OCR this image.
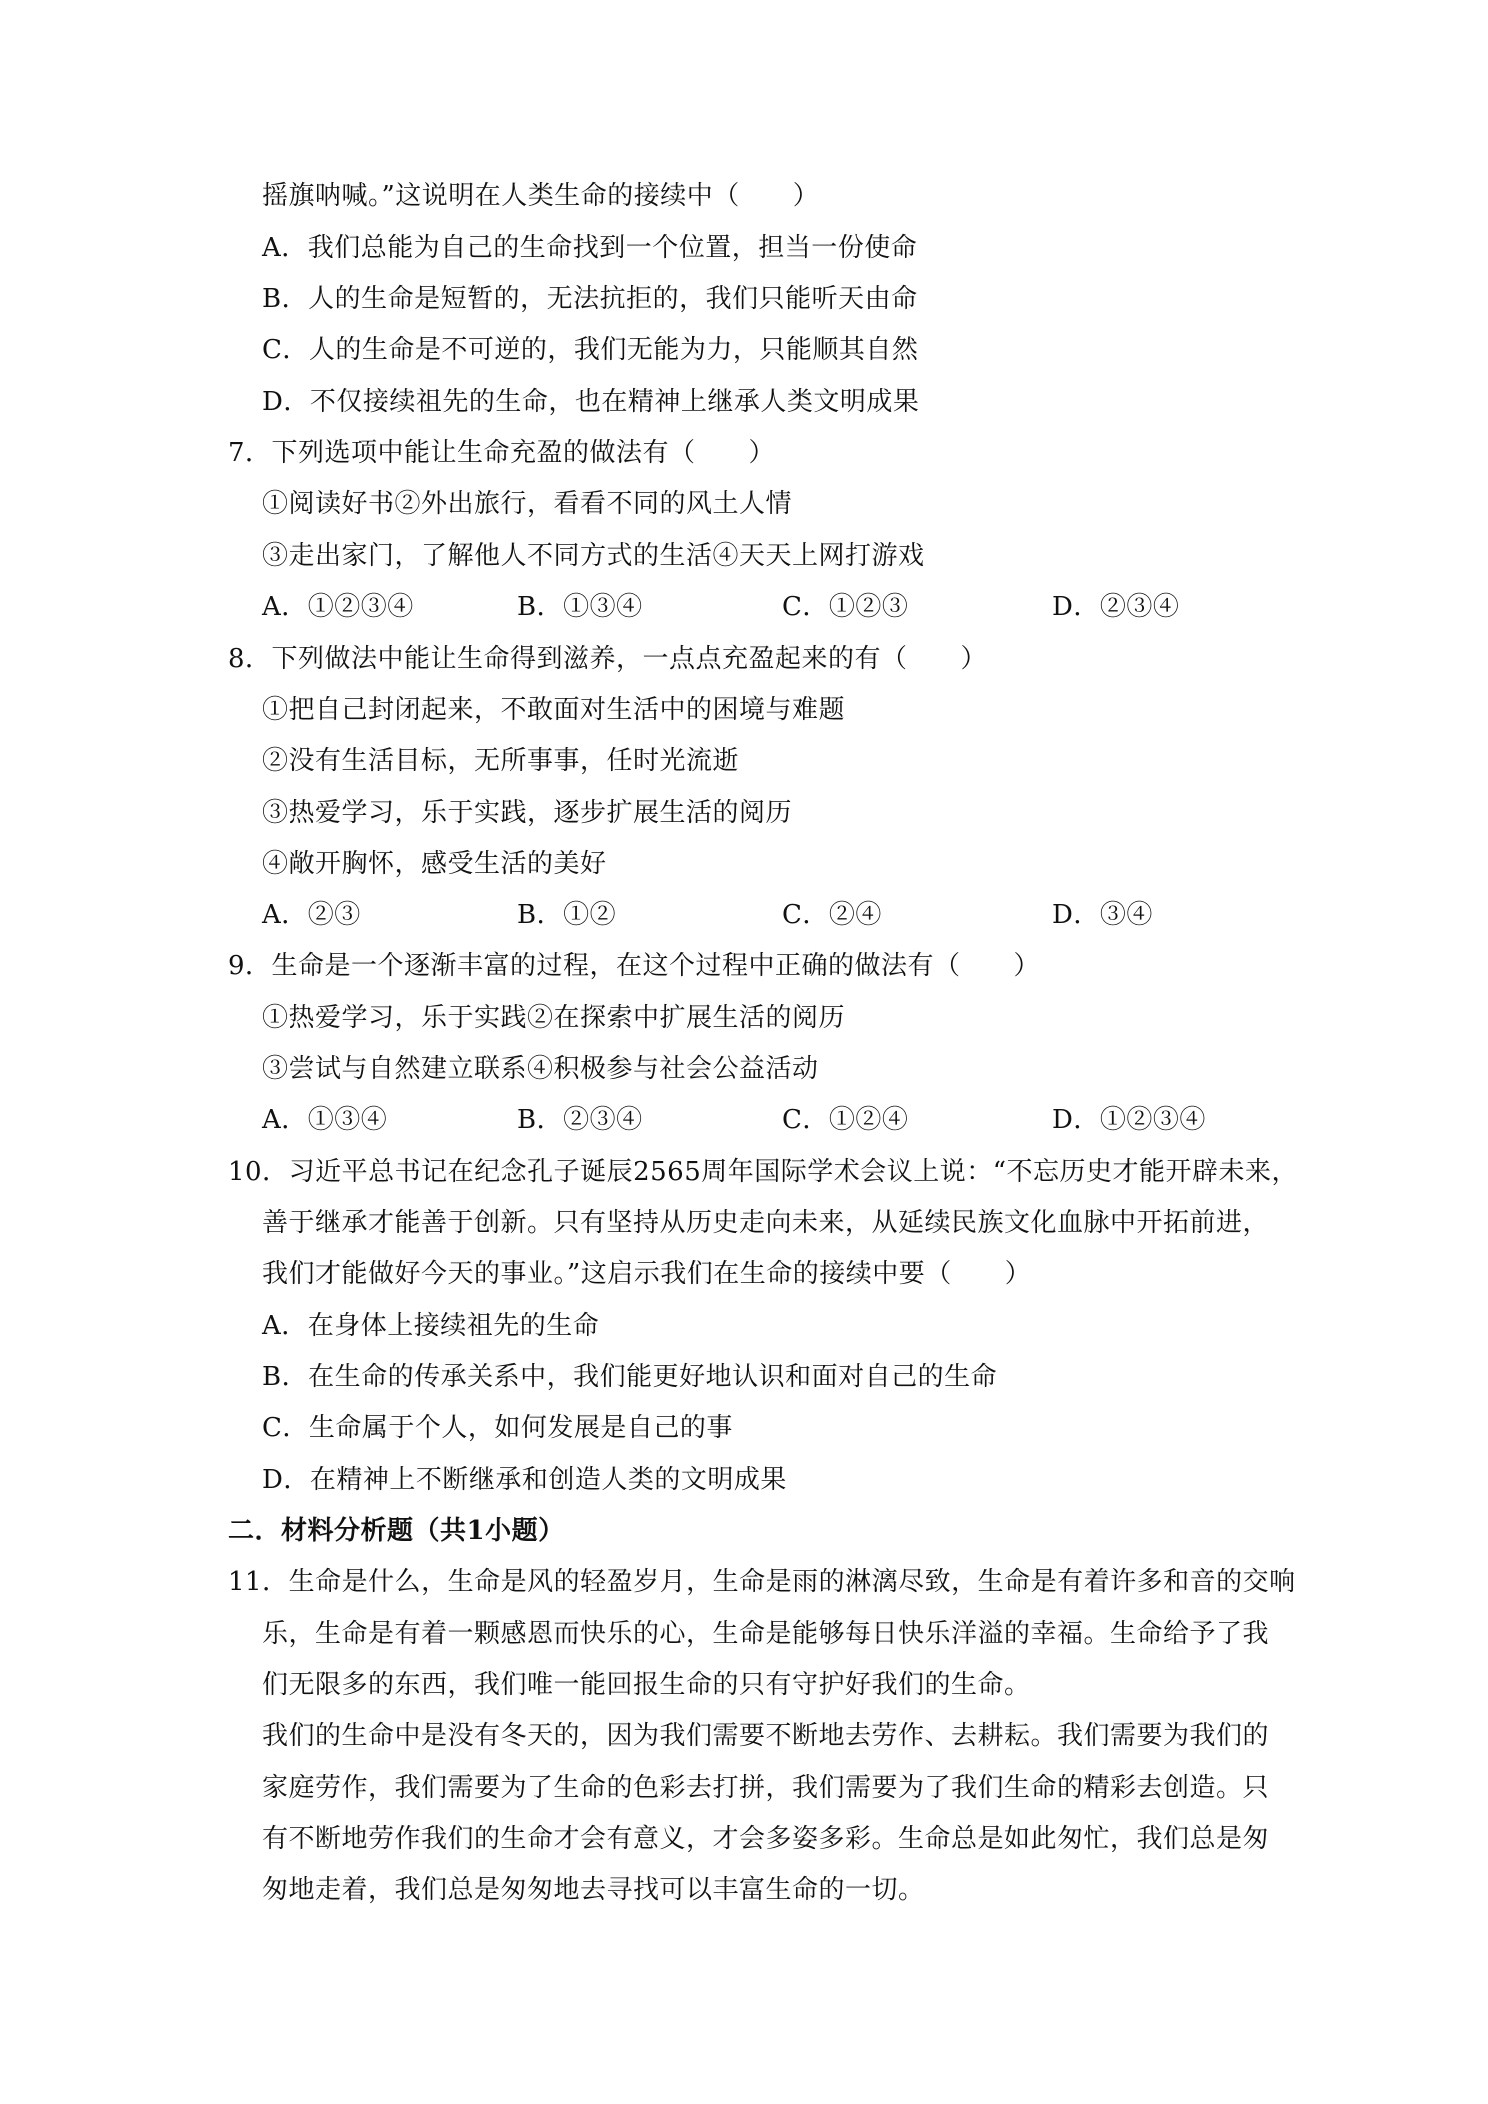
摇旗呐喊。”这说明在人类生命的接续中（　　）
A．我们总能为自己的生命找到一个位置，担当一份使命
B．人的生命是短暂的，无法抗拒的，我们只能听天由命
C．人的生命是不可逆的，我们无能为力，只能顺其自然
D．不仅接续祖先的生命，也在精神上继承人类文明成果
7．下列选项中能让生命充盈的做法有（　　）
①阅读好书②外出旅行，看看不同的风土人情
③走出家门，了解他人不同方式的生活④天天上网打游戏
A．①②③④	B．①③④	C．①②③	D．②③④
8．下列做法中能让生命得到滋养，一点点充盈起来的有（　　）
①把自己封闭起来，不敢面对生活中的困境与难题
②没有生活目标，无所事事，任时光流逝
③热爱学习，乐于实践，逐步扩展生活的阅历
④敞开胸怀，感受生活的美好
A．②③	B．①②	C．②④	D．③④
9．生命是一个逐渐丰富的过程，在这个过程中正确的做法有（　　）
①热爱学习，乐于实践②在探索中扩展生活的阅历
③尝试与自然建立联系④积极参与社会公益活动
A．①③④	B．②③④	C．①②④	D．①②③④
10．习近平总书记在纪念孔子诞辰2565周年国际学术会议上说：“不忘历史才能开辟未来，
善于继承才能善于创新。只有坚持从历史走向未来，从延续民族文化血脉中开拓前进，
我们才能做好今天的事业。”这启示我们在生命的接续中要（　　）
A．在身体上接续祖先的生命
B．在生命的传承关系中，我们能更好地认识和面对自己的生命
C．生命属于个人，如何发展是自己的事
D．在精神上不断继承和创造人类的文明成果
二．材料分析题（共1小题）
11．生命是什么，生命是风的轻盈岁月，生命是雨的淋漓尽致，生命是有着许多和音的交响
乐，生命是有着一颗感恩而快乐的心，生命是能够每日快乐洋溢的幸福。生命给予了我
们无限多的东西，我们唯一能回报生命的只有守护好我们的生命。
我们的生命中是没有冬天的，因为我们需要不断地去劳作、去耕耘。我们需要为我们的
家庭劳作，我们需要为了生命的色彩去打拼，我们需要为了我们生命的精彩去创造。只
有不断地劳作我们的生命才会有意义，才会多姿多彩。生命总是如此匆忙，我们总是匆
匆地走着，我们总是匆匆地去寻找可以丰富生命的一切。
